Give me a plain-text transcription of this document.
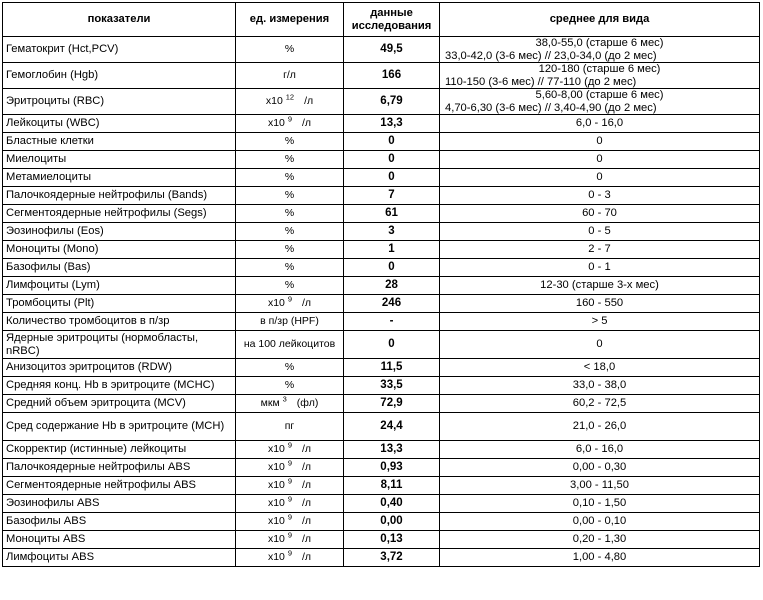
показатели	ед. измерения	данные исследования	среднее для вида
Гематокрит (Hct,PCV)	%	49,5	38,0-55,0 (старше 6 мес)
33,0-42,0 (3-6 мес) // 23,0-34,0 (до 2 мес)

Гемоглобин (Hgb)	г/л	166	120-180 (старше 6 мес)
110-150 (3-6 мес) // 77-110 (до 2 мес)

Эритроциты (RBC)	х10 $^{12}$ /л	6,79	5,60-8,00 (старше 6 мес)
4,70-6,30 (3-6 мес) // 3,40-4,90 (до 2 мес)

Лейкоциты (WBC)	х10 $^9$ /л	13,3	6,0 - 16,0

Бластные клетки	%	0	0

Миелоциты	%	0	0

Метамиелоциты	%	0	0

Палочкоядерные нейтрофилы (Bands)	%	7	0 - 3

Сегментоядерные нейтрофилы (Segs)	%	61	60 - 70

Эозинофилы (Eos)	%	3	0 - 5

Моноциты (Mono)	%	1	2 - 7

Базофилы (Bas)	%	0	0 - 1

Лимфоциты (Lym)	%	28	12-30 (старше 3-х мес)

Тромбоциты (Plt)	х10 $^9$ /л	246	160 - 550

Количество тромбоцитов в п/зр	в п/зр (HPF)	-	> 5

Ядерные эритроциты (нормобласты, nRBC)	на 100 лейкоцитов	0	0

Анизоцитоз эритроцитов (RDW)	%	11,5	< 18,0

Средняя конц. Hb в эритроците (MCHC)	%	33,5	33,0 - 38,0

Средний объем эритроцита (MCV)	мкм $^3$ (фл)	72,9	60,2 - 72,5

Сред содержание Hb в эритроците (MCH)	пг	24,4	21,0 - 26,0

Скорректир (истинные) лейкоциты	х10 $^9$ /л	13,3	6,0 - 16,0

Палочкоядерные нейтрофилы ABS	х10 $^9$ /л	0,93	0,00 - 0,30

Сегментоядерные нейтрофилы ABS	х10 $^9$ /л	8,11	3,00 - 11,50

Эозинофилы ABS	х10 $^9$ /л	0,40	0,10 - 1,50

Базофилы ABS	х10 $^9$ /л	0,00	0,00 - 0,10

Моноциты ABS	х10 $^9$ /л	0,13	0,20 - 1,30

Лимфоциты ABS	х10 $^9$ /л	3,72	1,00 - 4,80
